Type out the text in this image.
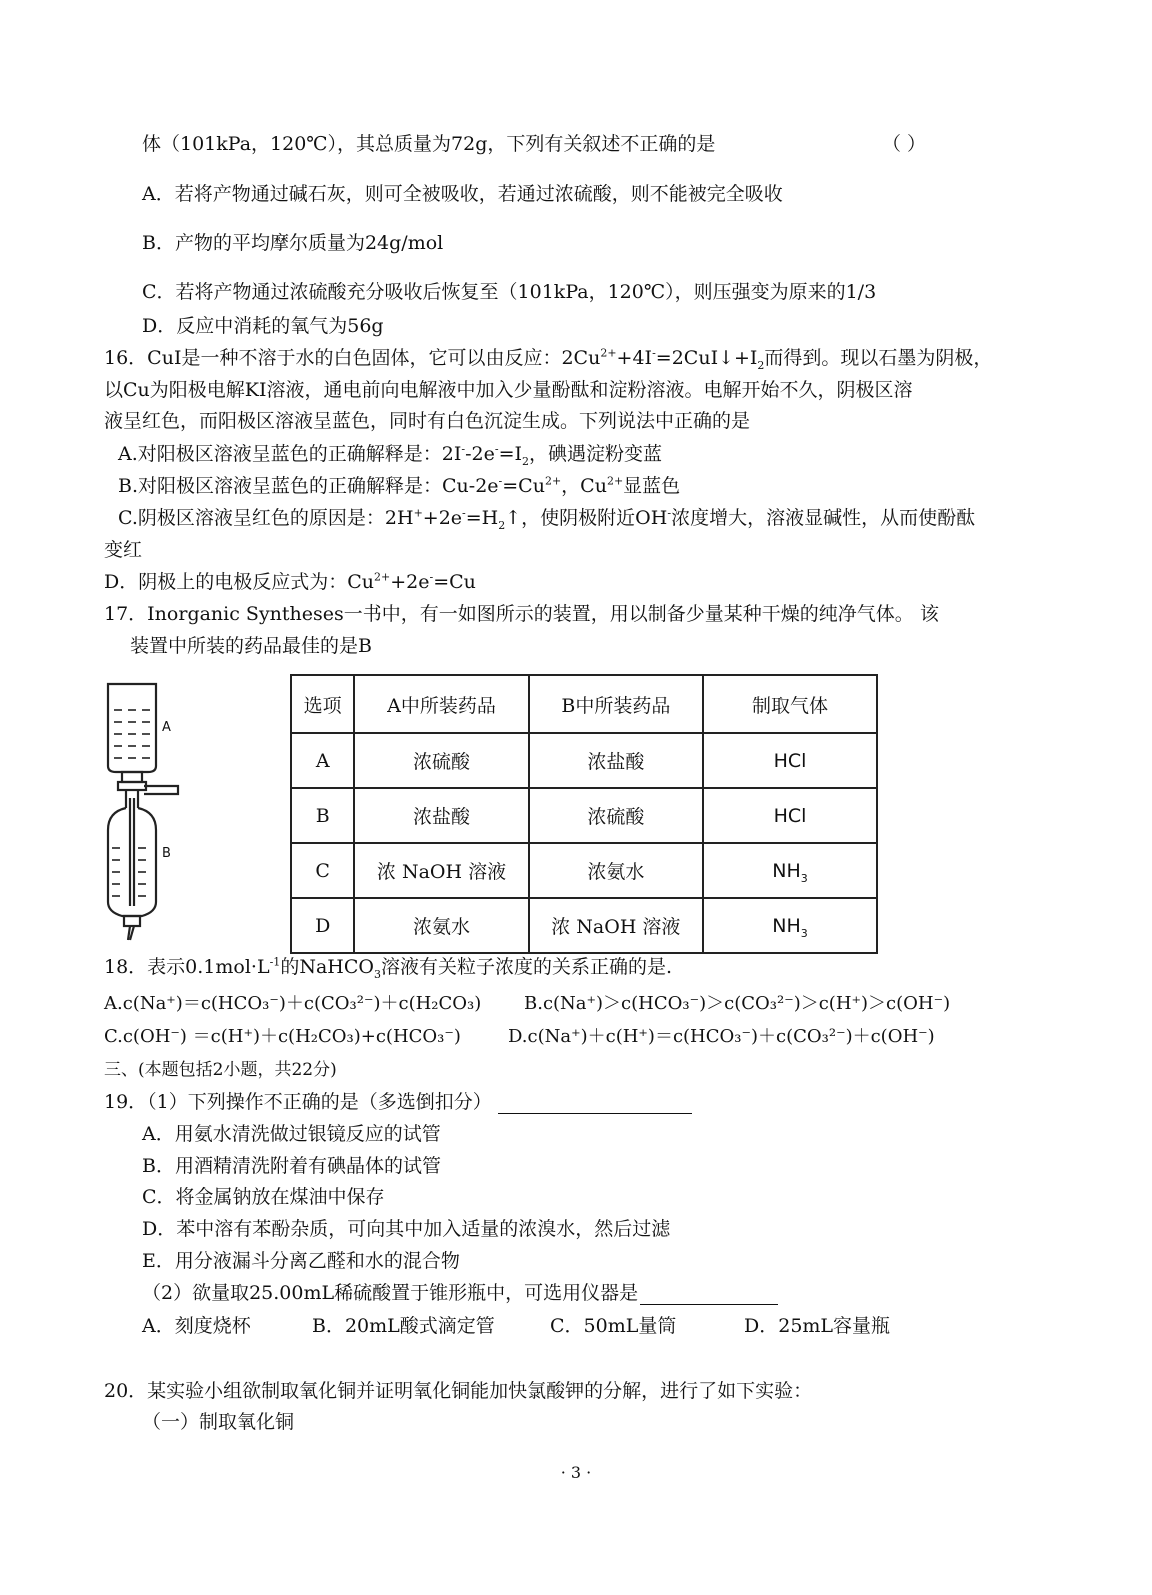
体（101kPa，120℃），其总质量为72g，下列有关叙述不正确的是	（ ）
A．若将产物通过碱石灰，则可全被吸收，若通过浓硫酸，则不能被完全吸收
B．产物的平均摩尔质量为24g/mol
C．若将产物通过浓硫酸充分吸收后恢复至（101kPa，120℃），则压强变为原来的1/3
D．反应中消耗的氧气为56g
16．CuI是一种不溶于水的白色固体，它可以由反应：$2Cu^{2+}+4I^-=2CuI↓+I_2$而得到。现以石墨为阴极，
以Cu为阳极电解KI溶液，通电前向电解液中加入少量酚酞和淀粉溶液。电解开始不久，阴极区溶
液呈红色，而阳极区溶液呈蓝色，同时有白色沉淀生成。下列说法中正确的是
A.对阳极区溶液呈蓝色的正确解释是：$2I^--2e^-=I_2$，碘遇淀粉变蓝
B.对阳极区溶液呈蓝色的正确解释是：$Cu-2e^-=Cu^{2+}$，$Cu^{2+}$显蓝色
C.阴极区溶液呈红色的原因是：$2H^++2e^-=H_2↑$，使阴极附近OH-浓度增大，溶液显碱性，从而使酚酞
变红
D．阴极上的电极反应式为：$Cu^{2+}+2e^-=Cu$
17．Inorganic Syntheses一书中，有一如图所示的装置，用以制备少量某种干燥的纯净气体。 该
装置中所装的药品最佳的是B
A
B
选项	A中所装药品	B中所装药品	制取气体
A	浓硫酸	浓盐酸	HCl
B	浓盐酸	浓硫酸	HCl
C	浓 NaOH 溶液	浓氨水	$NH_3$
D	浓氨水	浓 NaOH 溶液	$NH_3$
18．表示$0.1mol\cdot L^{-1}$的NaHCO$_3$溶液有关粒子浓度的关系正确的是.
A.c(Na⁺)＝c(HCO₃⁻)＋c(CO₃²⁻)＋c(H₂CO₃) B.c(Na⁺)＞c(HCO₃⁻)＞c(CO₃²⁻)＞c(H⁺)＞c(OH⁻)
C.c(OH⁻) ＝c(H⁺)＋c(H₂CO₃)+c(HCO₃⁻)	D.c(Na⁺)＋c(H⁺)＝c(HCO₃⁻)＋c(CO₃²⁻)＋c(OH⁻)
三、(本题包括2小题，共22分)
19．（1）下列操作不正确的是（多选倒扣分）
A．用氨水清洗做过银镜反应的试管
B．用酒精清洗附着有碘晶体的试管
C．将金属钠放在煤油中保存
D．苯中溶有苯酚杂质，可向其中加入适量的浓溴水，然后过滤
E．用分液漏斗分离乙醛和水的混合物
（2）欲量取25.00mL稀硫酸置于锥形瓶中，可选用仪器是
A．刻度烧杯	B．20mL酸式滴定管	C．50mL量筒	D．25mL容量瓶
20．某实验小组欲制取氧化铜并证明氧化铜能加快氯酸钾的分解，进行了如下实验：
（一）制取氧化铜
· 3 ·
